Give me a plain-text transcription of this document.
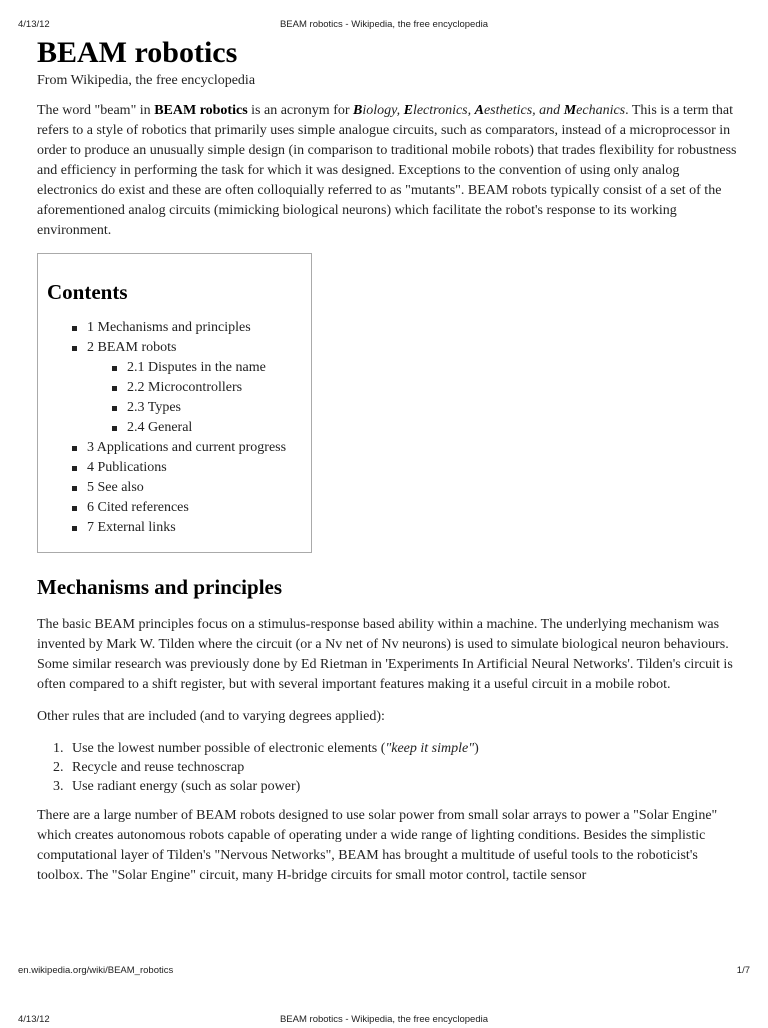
4/13/12	BEAM robotics - Wikipedia, the free encyclopedia
BEAM robotics
From Wikipedia, the free encyclopedia

The word "beam" in BEAM robotics is an acronym for Biology, Electronics, Aesthetics, and Mechanics. This is a term that refers to a style of robotics that primarily uses simple analogue circuits, such as comparators, instead of a microprocessor in order to produce an unusually simple design (in comparison to traditional mobile robots) that trades flexibility for robustness and efficiency in performing the task for which it was designed. Exceptions to the convention of using only analog electronics do exist and these are often colloquially referred to as "mutants". BEAM robots typically consist of a set of the aforementioned analog circuits (mimicking biological neurons) which facilitate the robot's response to its working environment.

Contents
1 Mechanisms and principles
2 BEAM robots
2.1 Disputes in the name
2.2 Microcontrollers
2.3 Types
2.4 General
3 Applications and current progress
4 Publications
5 See also
6 Cited references
7 External links
Mechanisms and principles

The basic BEAM principles focus on a stimulus-response based ability within a machine. The underlying mechanism was invented by Mark W. Tilden where the circuit (or a Nv net of Nv neurons) is used to simulate biological neuron behaviours. Some similar research was previously done by Ed Rietman in 'Experiments In Artificial Neural Networks'. Tilden's circuit is often compared to a shift register, but with several important features making it a useful circuit in a mobile robot.

Other rules that are included (and to varying degrees applied):

1. Use the lowest number possible of electronic elements ("keep it simple")
2. Recycle and reuse technoscrap
3. Use radiant energy (such as solar power)

There are a large number of BEAM robots designed to use solar power from small solar arrays to power a "Solar Engine" which creates autonomous robots capable of operating under a wide range of lighting conditions. Besides the simplistic computational layer of Tilden's "Nervous Networks", BEAM has brought a multitude of useful tools to the roboticist's toolbox. The "Solar Engine" circuit, many H-bridge circuits for small motor control, tactile sensor

en.wikipedia.org/wiki/BEAM_robotics	1/7
4/13/12	BEAM robotics - Wikipedia, the free encyclopedia
